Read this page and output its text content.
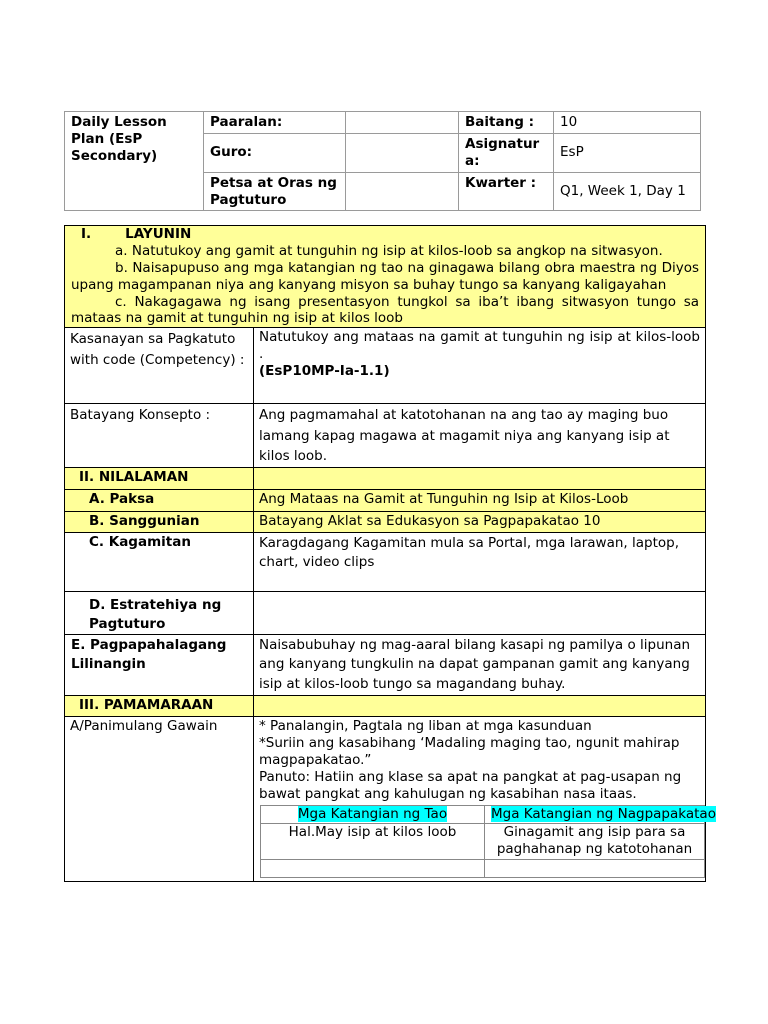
Daily Lesson Plan (EsP Secondary)	Paaralan:		Baitang :	10
	Guro:		Asignatura:	EsP
	Petsa at Oras ng Pagtuturo		Kwarter :	Q1, Week 1, Day 1
I.	LAYUNIN
a. Natutukoy ang gamit at tunguhin ng isip at kilos-loob sa angkop na sitwasyon.
b. Naisapupuso ang mga katangian ng tao na ginagawa bilang obra maestra ng Diyos upang magampanan niya ang kanyang misyon sa buhay tungo sa kanyang kaligayahan
c. Nakagagawa ng isang presentasyon tungkol sa iba’t ibang sitwasyon tungo sa mataas na gamit at tunguhin ng isip at kilos loob

Kasanayan sa Pagkatuto with code (Competency) :	
Natutukoy ang mataas na gamit at tunguhin ng isip at kilos-loob .
(EsP10MP-Ia-1.1)

Batayang Konsepto :	Ang pagmamahal at katotohanan na ang tao ay maging buo lamang kapag magawa at magamit niya ang kanyang isip at kilos loob.
II. NILALAMAN	
A. Paksa	Ang Mataas na Gamit at Tunguhin ng Isip at Kilos-Loob
B. Sanggunian	Batayang Aklat sa Edukasyon sa Pagpapakatao 10
C. Kagamitan	Karagdagang Kagamitan mula sa Portal, mga larawan, laptop, chart, video clips
D. Estratehiya ng Pagtuturo	
E. Pagpapahalagang Lilinangin	Naisabubuhay ng mag-aaral bilang kasapi ng pamilya o lipunan ang kanyang tungkulin na dapat gampanan gamit ang kanyang isip at kilos-loob tungo sa magandang buhay.
III. PAMAMARAAN	
A/Panimulang Gawain	* Panalangin, Pagtala ng liban at mga kasunduan
*Suriin ang kasabihang ‘Madaling maging tao, ngunit mahirap magpapakatao.”
Panuto: Hatiin ang klase sa apat na pangkat at pag-usapan ng bawat pangkat ang kahulugan ng kasabihan nasa itaas.
Mga Katangian ng Tao	Mga Katangian ng Nagpapakatao
Hal.May isip at kilos loob	Ginagamit ang isip para sa paghahanap ng katotohanan
